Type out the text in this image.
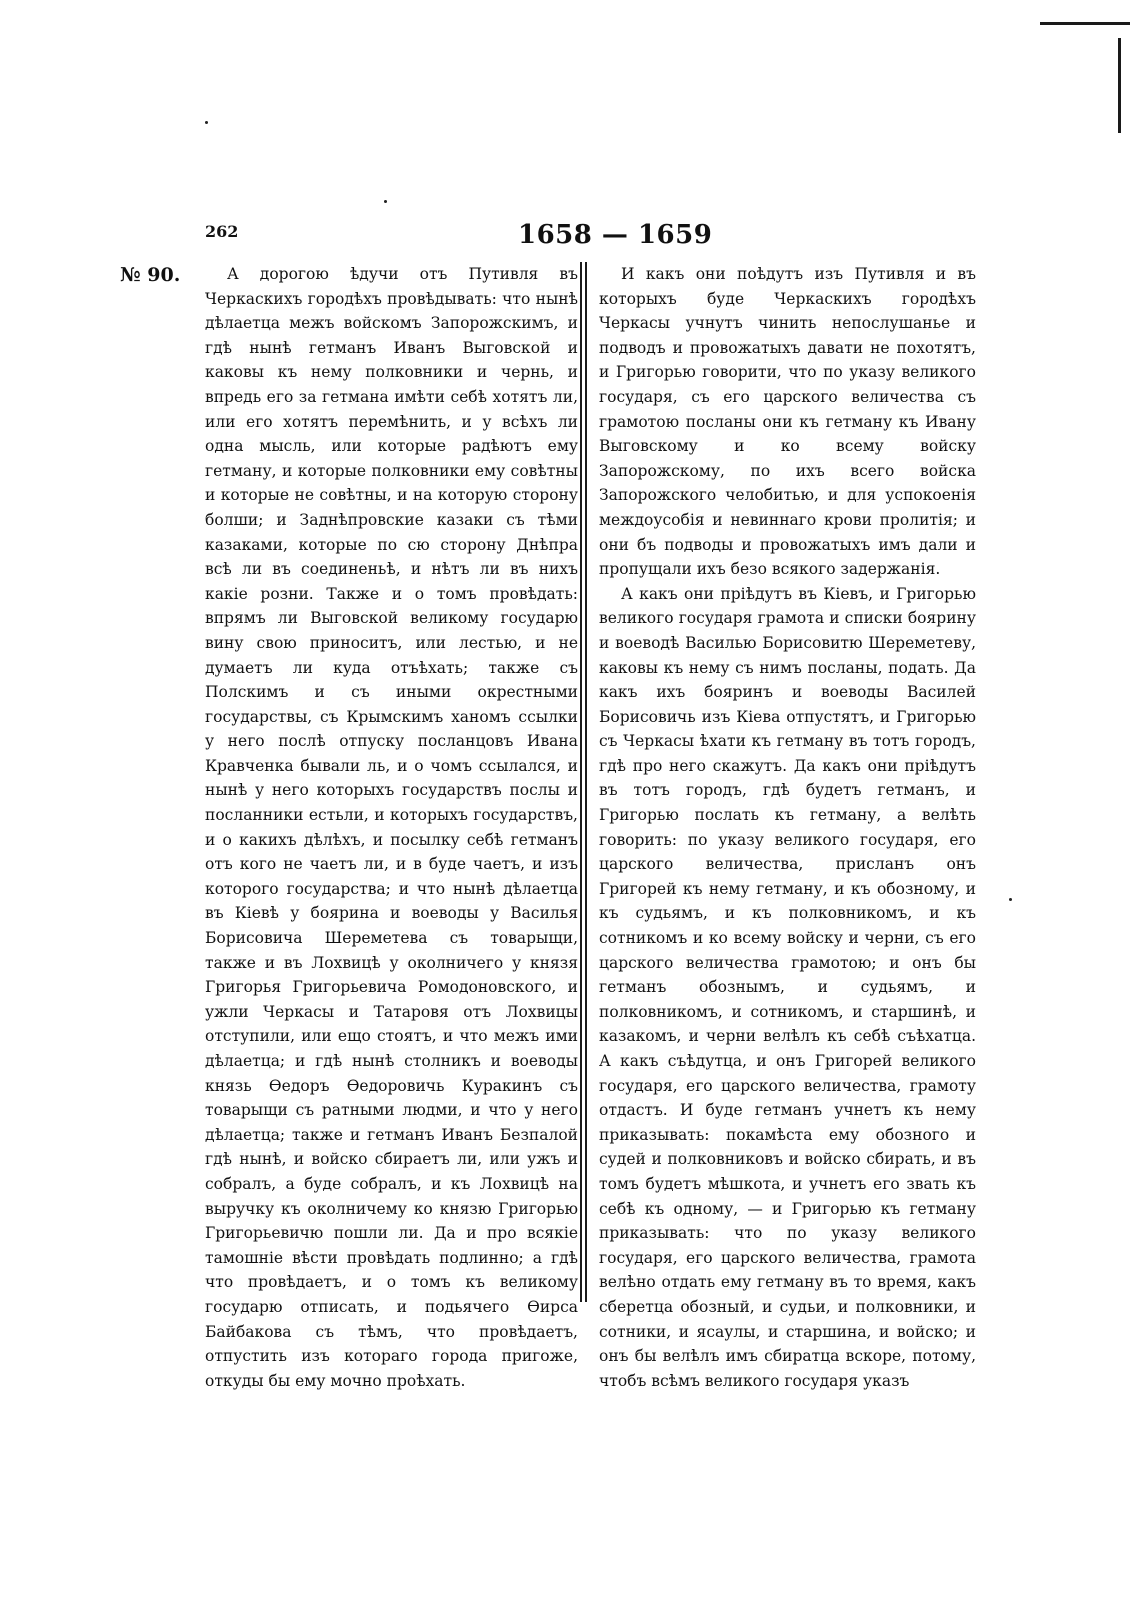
262	1658 — 1659
№ 90.	А дорогою ѣдучи отъ Путивля въ Черкаскихъ городѣхъ провѣдывать: что нынѣ дѣлаетца межъ войскомъ Запорожскимъ, и гдѣ нынѣ гетманъ Иванъ Выговской и каковы къ нему полковники и чернь, и впредь его за гетмана имѣти себѣ хотятъ ли, или его хотятъ перемѣнить, и у всѣхъ ли одна мысль, или которые радѣютъ ему гетману, и которые полковники ему совѣтны и которые не совѣтны, и на которую сторону болши; и Заднѣпровские казаки съ тѣми казаками, которые по сю сторону Днѣпра всѣ ли въ соединеньѣ, и нѣтъ ли въ нихъ какіе розни. Также и о томъ провѣдать: впрямъ ли Выговской великому государю вину свою приноситъ, или лестью, и не думаетъ ли куда отъѣхать; также съ Полскимъ и съ иными окрестными государствы, съ Крымскимъ ханомъ ссылки у него послѣ отпуску посланцовъ Ивана Кравченка бывали ль, и о чомъ ссылался, и нынѣ у него которыхъ государствъ послы и посланники естьли, и которыхъ государствъ, и о какихъ дѣлѣхъ, и посылку себѣ гетманъ отъ кого не чаетъ ли, и в буде чаетъ, и изъ которого государства; и что нынѣ дѣлаетца въ Кіевѣ у боярина и воеводы у Василья Борисовича Шереметева съ товарыщи, также и въ Лохвицѣ у околничего у князя Григорья Григорьевича Ромодоновского, и ужли Черкасы и Татаровя отъ Лохвицы отступили, или ещо стоятъ, и что межъ ими дѣлаетца; и гдѣ нынѣ столникъ и воеводы князь Ѳедоръ Ѳедоровичь Куракинъ съ товарыщи съ ратными людми, и что у него дѣлаетца; также и гетманъ Иванъ Безпалой гдѣ нынѣ, и войско сбираетъ ли, или ужъ и собралъ, а буде собралъ, и къ Лохвицѣ на выручку къ околничему ко князю Григорью Григорьевичю пошли ли. Да и про всякіе тамошніе вѣсти провѣдать подлинно; а гдѣ что провѣдаетъ, и о томъ къ великому государю отписать, и подьячего Ѳирса Байбакова съ тѣмъ, что провѣдаетъ, отпустить изъ котораго города пригоже, откуды бы ему мочно проѣхать.

И какъ они поѣдутъ изъ Путивля и въ которыхъ буде Черкаскихъ городѣхъ Черкасы учнутъ чинить непослушанье и подводъ и провожатыхъ давати не похотятъ, и Григорью говорити, что по указу великого государя, съ его царского величества съ грамотою посланы они къ гетману къ Ивану Выговскому и ко всему войску Запорожскому, по ихъ всего войска Запорожского челобитью, и для успокоенія междоусобія и невиннаго крови пролитія; и они бъ подводы и провожатыхъ имъ дали и пропущали ихъ безо всякого задержанія.

А какъ они пріѣдутъ въ Кіевъ, и Григорью великого государя грамота и списки боярину и воеводѣ Василью Борисовитю Шереметеву, каковы къ нему съ нимъ посланы, подать. Да какъ ихъ бояринъ и воеводы Василей Борисовичь изъ Кіева отпустятъ, и Григорью съ Черкасы ѣхати къ гетману въ тотъ городъ, гдѣ про него скажутъ. Да какъ они пріѣдутъ въ тотъ городъ, гдѣ будетъ гетманъ, и Григорью послать къ гетману, а велѣть говорить: по указу великого государя, его царского величества, присланъ онъ Григорей къ нему гетману, и къ обозному, и къ судьямъ, и къ полковникомъ, и къ сотникомъ и ко всему войску и черни, съ его царского величества грамотою; и онъ бы гетманъ обознымъ, и судьямъ, и полковникомъ, и сотникомъ, и старшинѣ, и казакомъ, и черни велѣлъ къ себѣ съѣхатца. А какъ съѣдутца, и онъ Григорей великого государя, его царского величества, грамоту отдастъ. И буде гетманъ учнетъ къ нему приказывать: покамѣста ему обозного и судей и полковниковъ и войско сбирать, и въ томъ будетъ мѣшкота, и учнетъ его звать къ себѣ къ одному, — и Григорью къ гетману приказывать: что по указу великого государя, его царского величества, грамота велѣно отдать ему гетману въ то время, какъ сберетца обозный, и судьи, и полковники, и сотники, и ясаулы, и старшина, и войско; и онъ бы велѣлъ имъ сбиратца вскоре, потому, чтобъ всѣмъ великого государя указъ
